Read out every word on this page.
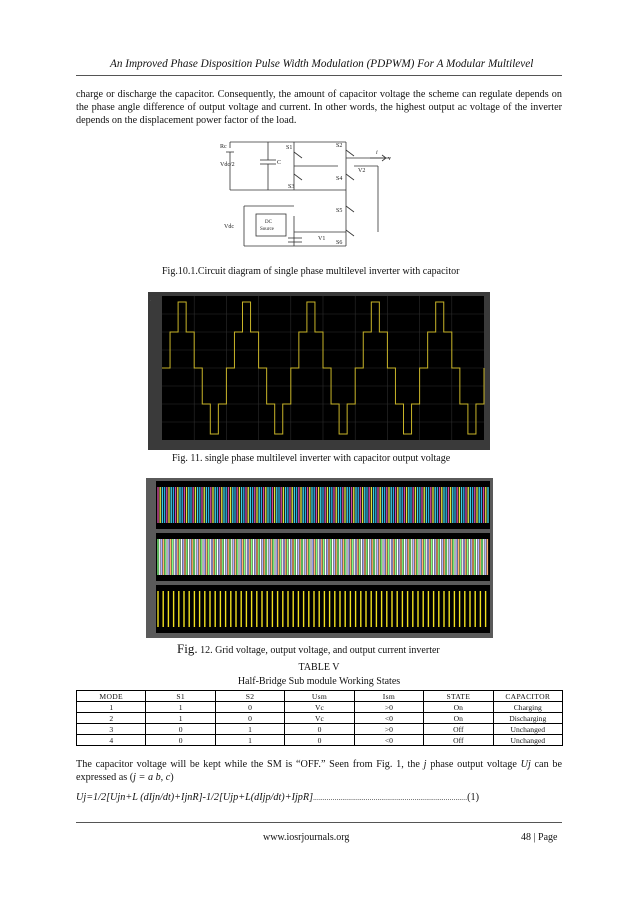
An Improved Phase Disposition Pulse Width Modulation (PDPWM) For A Modular Multilevel
charge or discharge the capacitor. Consequently, the amount of capacitor voltage the scheme can regulate depends on the phase angle difference of output voltage and current. In other words, the highest output ac voltage of the inverter depends on the displacement power factor of the load.
Rc
Vdc/2	C
S1	S2
S3
S4
S5
S6
i
v
V2
V1
Vdc
DC
Source
Fig.10.1.Circuit diagram of single phase multilevel inverter with capacitor
·
Fig. 11. single phase multilevel inverter with capacitor output voltage
Fig. 12. Grid voltage, output voltage, and output current inverter
TABLE V
Half-Bridge Sub module Working States
MODE	S1	S2	Usm	Ism	STATE	CAPACITOR
1	1	0	Vc	>0	On	Charging
2	1	0	Vc	<0	On	Discharging
3	0	1	0	>0	Off	Unchanged
4	0	1	0	<0	Off	Unchanged
The capacitor voltage will be kept while the SM is “OFF.” Seen from Fig. 1, the j phase output voltage Uj can be expressed as (j = a b, c)
Uj=1/2[Ujn+L (dIjn/dt)+IjnR]-1/2[Ujp+L(dIjp/dt)+IjpR]...............................................................................(1)
www.iosrjournals.org	48 | Page
